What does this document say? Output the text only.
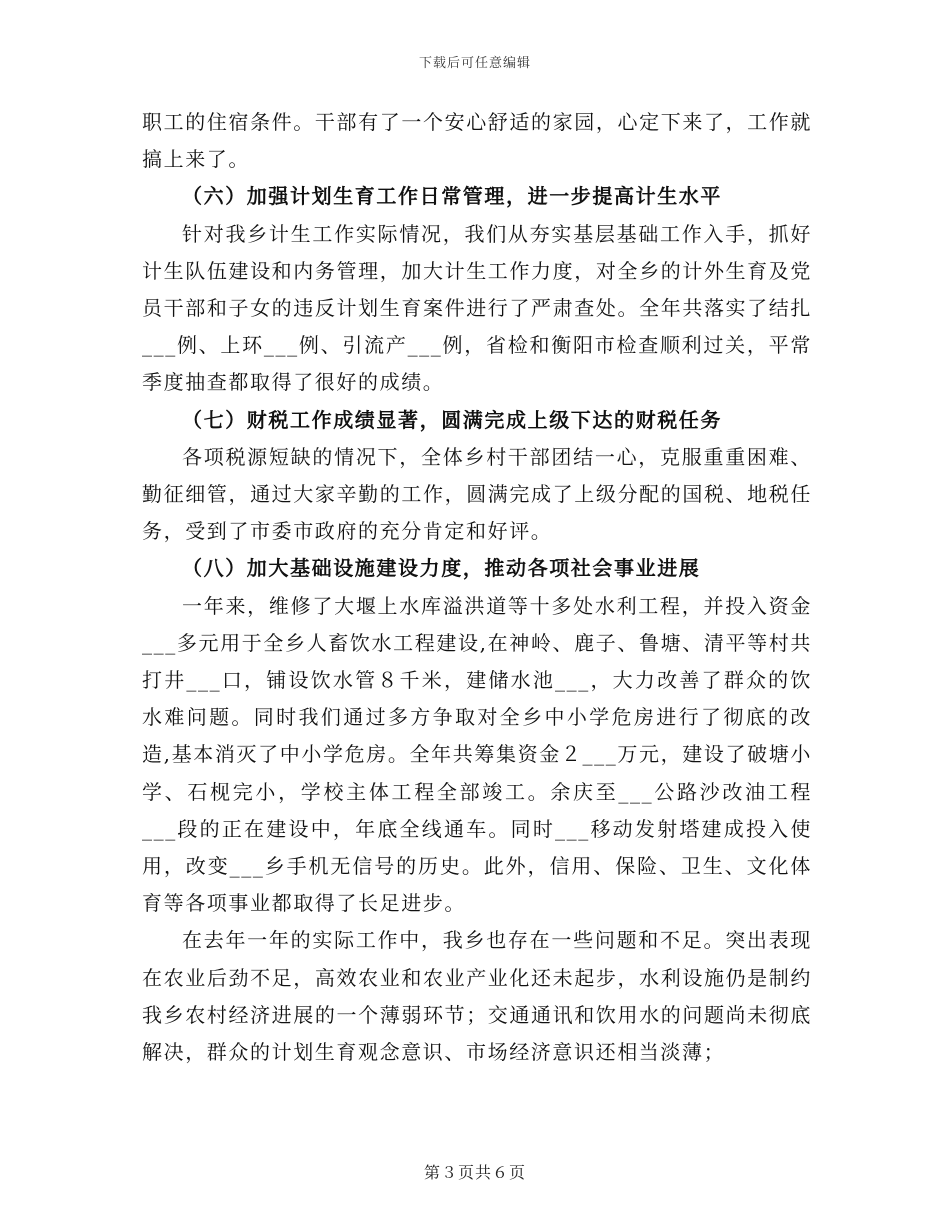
下载后可任意编辑

职工的住宿条件。干部有了一个安心舒适的家园，心定下来了，工作就搞上来了。

（六）加强计划生育工作日常管理，进一步提高计生水平

针对我乡计生工作实际情况，我们从夯实基层基础工作入手，抓好计生队伍建设和内务管理，加大计生工作力度，对全乡的计外生育及党员干部和子女的违反计划生育案件进行了严肃查处。全年共落实了结扎___例、上环___例、引流产___例，省检和衡阳市检查顺利过关，平常季度抽查都取得了很好的成绩。

（七）财税工作成绩显著，圆满完成上级下达的财税任务

各项税源短缺的情况下，全体乡村干部团结一心，克服重重困难、勤征细管，通过大家辛勤的工作，圆满完成了上级分配的国税、地税任务，受到了市委市政府的充分肯定和好评。

（八）加大基础设施建设力度，推动各项社会事业进展

一年来，维修了大堰上水库溢洪道等十多处水利工程，并投入资金___多元用于全乡人畜饮水工程建设,在神岭、鹿子、鲁塘、清平等村共打井___口，铺设饮水管８千米，建储水池___，大力改善了群众的饮水难问题。同时我们通过多方争取对全乡中小学危房进行了彻底的改造,基本消灭了中小学危房。全年共筹集资金２___万元，建设了破塘小学、石枧完小，学校主体工程全部竣工。余庆至___公路沙改油工程___段的正在建设中，年底全线通车。同时___移动发射塔建成投入使用，改变___乡手机无信号的历史。此外，信用、保险、卫生、文化体育等各项事业都取得了长足进步。

在去年一年的实际工作中，我乡也存在一些问题和不足。突出表现在农业后劲不足，高效农业和农业产业化还未起步，水利设施仍是制约我乡农村经济进展的一个薄弱环节；交通通讯和饮用水的问题尚未彻底解决，群众的计划生育观念意识、市场经济意识还相当淡薄；

第３页共６页
